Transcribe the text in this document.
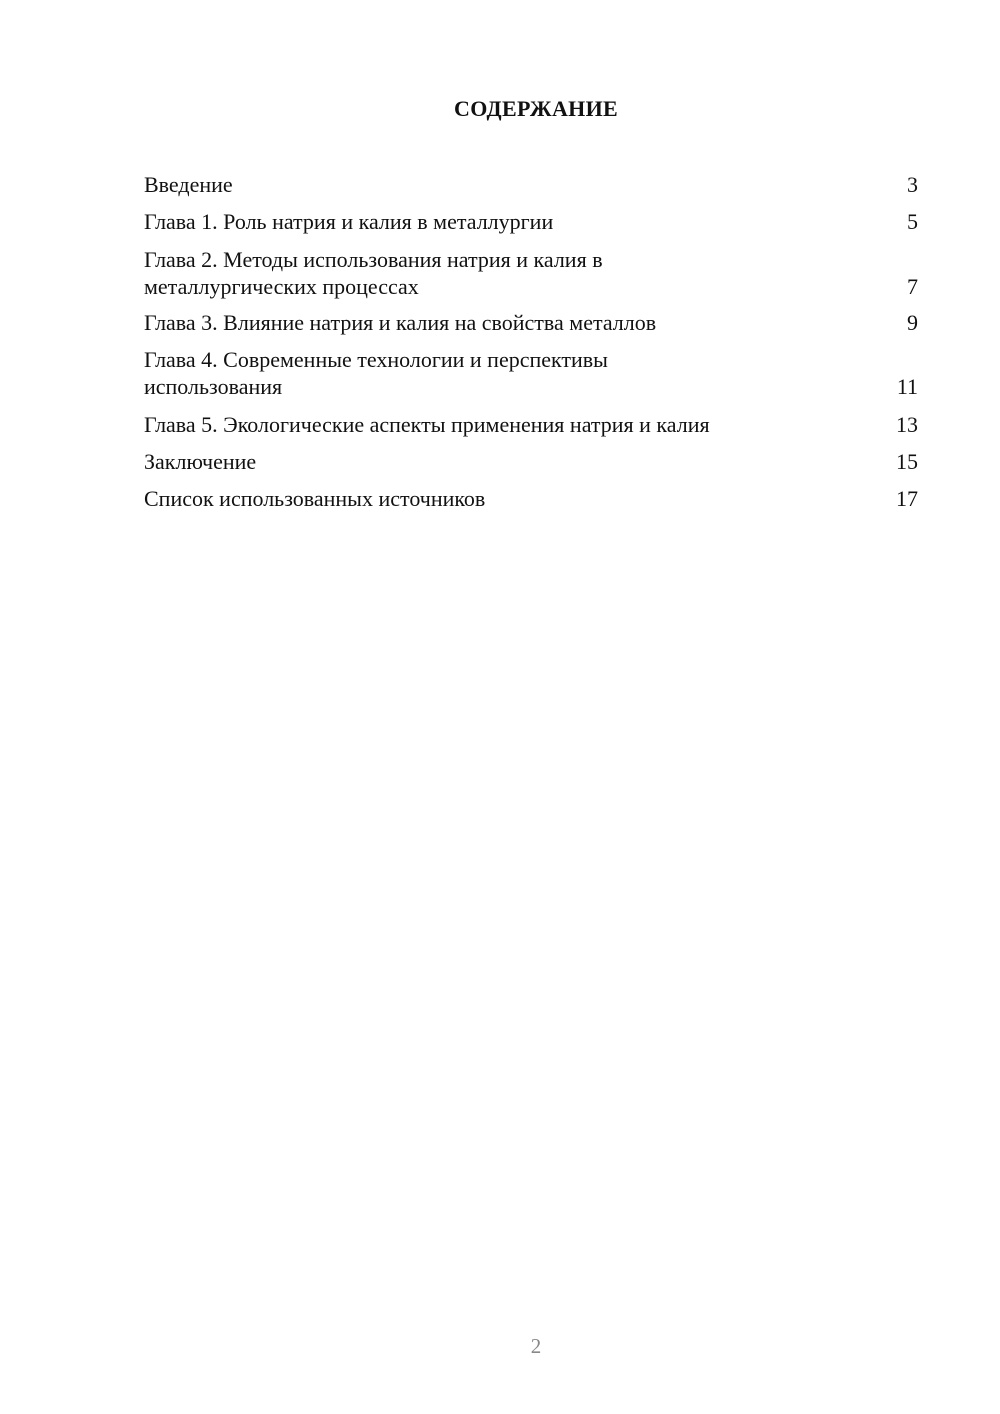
СОДЕРЖАНИЕ
Введение	3
Глава 1. Роль натрия и калия в металлургии	5
Глава 2. Методы использования натрия и калия в
металлургических процессах	7
Глава 3. Влияние натрия и калия на свойства металлов	9
Глава 4. Современные технологии и перспективы
использования	11
Глава 5. Экологические аспекты применения натрия и калия	13
Заключение	15
Список использованных источников	17
2
